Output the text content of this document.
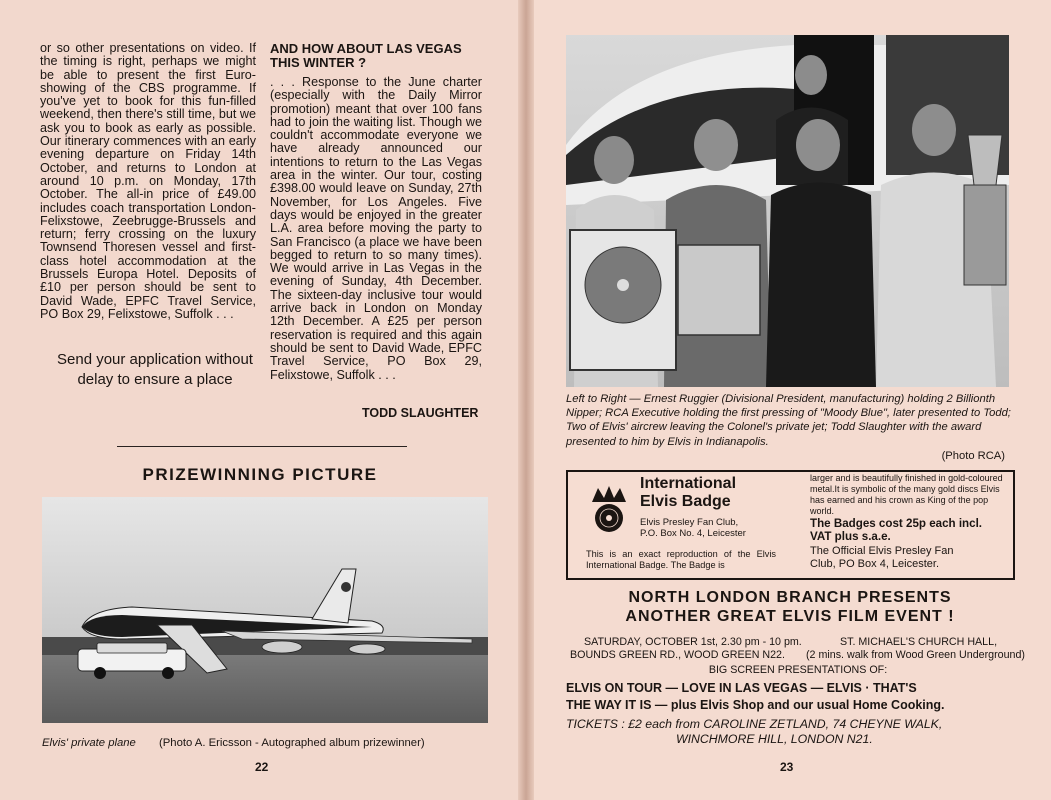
or so other presentations on video. If the timing is right, perhaps we might be able to present the first Euro-showing of the CBS programme. If you've yet to book for this fun-filled weekend, then there's still time, but we ask you to book as early as possible. Our itinerary commences with an early evening departure on Friday 14th October, and returns to London at around 10 p.m. on Monday, 17th October. The all-in price of £49.00 includes coach transportation London-Felixstowe, Zeebrugge-Brussels and return; ferry crossing on the luxury Townsend Thoresen vessel and first-class hotel accommodation at the Brussels Europa Hotel. Deposits of £10 per person should be sent to David Wade, EPFC Travel Service, PO Box 29, Felixstowe, Suffolk . . .

Send your application without delay to ensure a place
AND HOW ABOUT LAS VEGAS THIS WINTER ?

. . . Response to the June charter (especially with the Daily Mirror promotion) meant that over 100 fans had to join the waiting list. Though we couldn't accommodate everyone we have already announced our intentions to return to the Las Vegas area in the winter. Our tour, costing £398.00 would leave on Sunday, 27th November, for Los Angeles. Five days would be enjoyed in the greater L.A. area before moving the party to San Francisco (a place we have been begged to return to so many times). We would arrive in Las Vegas in the evening of Sunday, 4th December. The sixteen-day inclusive tour would arrive back in London on Monday 12th December. A £25 per person reservation is required and this again should be sent to David Wade, EPFC Travel Service, PO Box 29, Felixstowe, Suffolk . . .

TODD SLAUGHTER
PRIZEWINNING PICTURE
Elvis' private plane (Photo A. Ericsson - Autographed album prizewinner)
22
Left to Right — Ernest Ruggier (Divisional President, manufacturing) holding 2 Billionth Nipper; RCA Executive holding the first pressing of "Moody Blue", later presented to Todd; Two of Elvis' aircrew leaving the Colonel's private jet; Todd Slaughter with the award presented to him by Elvis in Indianapolis.
(Photo RCA)
International
Elvis Badge
Elvis Presley Fan Club,
P.O. Box No. 4, Leicester
This is an exact reproduction of the Elvis International Badge. The Badge is
larger and is beautifully finished in gold-coloured metal.It is symbolic of the many gold discs Elvis has earned and his crown as King of the pop world.
The Badges cost 25p each incl.
VAT plus s.a.e.
The Official Elvis Presley Fan
Club, PO Box 4, Leicester.
NORTH LONDON BRANCH PRESENTS
ANOTHER GREAT ELVIS FILM EVENT !
SATURDAY, OCTOBER 1st, 2.30 pm - 10 pm.	ST. MICHAEL'S CHURCH HALL,
BOUNDS GREEN RD., WOOD GREEN N22. (2 mins. walk from Wood Green Underground)
BIG SCREEN PRESENTATIONS OF:
ELVIS ON TOUR — LOVE IN LAS VEGAS — ELVIS · THAT'S
THE WAY IT IS — plus Elvis Shop and our usual Home Cooking.
TICKETS : £2 each from CAROLINE ZETLAND, 74 CHEYNE WALK,
WINCHMORE HILL, LONDON N21.
23
